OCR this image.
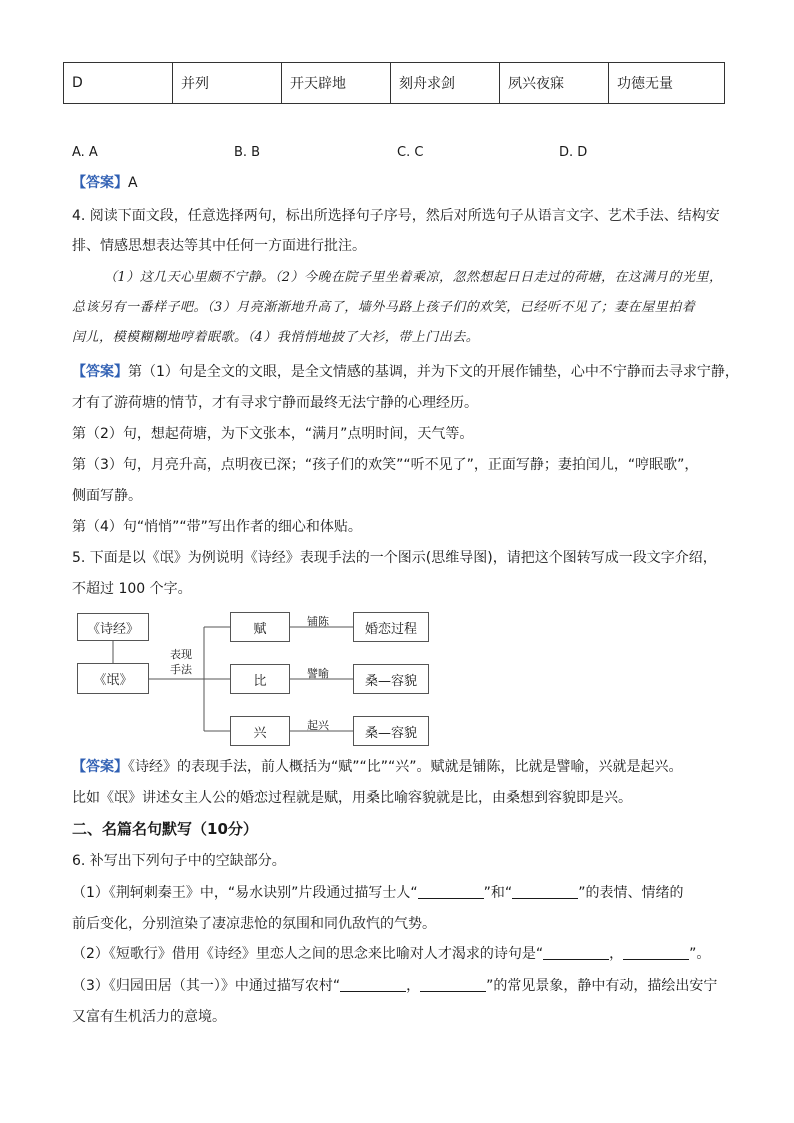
D	并列	开天辟地	刻舟求剑	夙兴夜寐	功德无量
A. A	B. B	C. C	D. D
【答案】A
4. 阅读下面文段，任意选择两句，标出所选择句子序号，然后对所选句子从语言文字、艺术手法、结构安
排、情感思想表达等其中任何一方面进行批注。
（1）这几天心里颇不宁静。（2）今晚在院子里坐着乘凉，忽然想起日日走过的荷塘，在这满月的光里，
总该另有一番样子吧。（3）月亮渐渐地升高了，墙外马路上孩子们的欢笑，已经听不见了；妻在屋里拍着
闰儿，模模糊糊地哼着眠歌。（4）我悄悄地披了大衫，带上门出去。
【答案】第（1）句是全文的文眼，是全文情感的基调，并为下文的开展作铺垫，心中不宁静而去寻求宁静，
才有了游荷塘的情节，才有寻求宁静而最终无法宁静的心理经历。
第（2）句，想起荷塘，为下文张本，“满月”点明时间，天气等。
第（3）句，月亮升高，点明夜已深；“孩子们的欢笑”“听不见了”，正面写静；妻拍闰儿，“哼眠歌”，
侧面写静。
第（4）句“悄悄”“带”写出作者的细心和体贴。
5. 下面是以《氓》为例说明《诗经》表现手法的一个图示(思维导图)，请把这个图转写成一段文字介绍，
不超过 100 个字。
《诗经》
《氓》
表现
手法
赋
比
兴
铺陈
譬喻
起兴
婚恋过程
桑—容貌
桑—容貌
【答案】《诗经》的表现手法，前人概括为“赋”“比”“兴”。赋就是铺陈，比就是譬喻，兴就是起兴。
比如《氓》讲述女主人公的婚恋过程就是赋，用桑比喻容貌就是比，由桑想到容貌即是兴。
二、名篇名句默写（10分）
6. 补写出下列句子中的空缺部分。
（1）《荆轲刺秦王》中，“易水诀别”片段通过描写士人“	”和“	”的表情、情绪的
前后变化，分别渲染了凄凉悲怆的氛围和同仇敌忾的气势。
（2）《短歌行》借用《诗经》里恋人之间的思念来比喻对人才渴求的诗句是“	，	”。
（3）《归园田居（其一）》中通过描写农村“	，	”的常见景象，静中有动，描绘出安宁
又富有生机活力的意境。
